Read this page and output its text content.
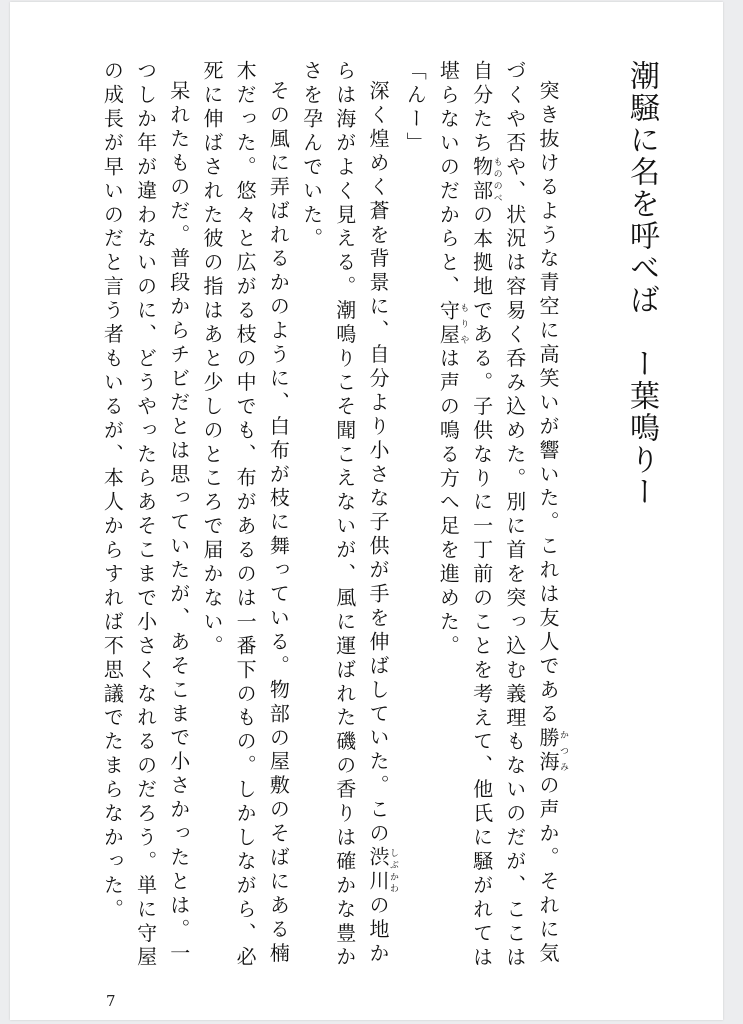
潮騒に名を呼べば　ー葉鳴りー

突き抜けるような青空に高笑いが響いた。これは友人である勝海かつみの声か。それに気づくや否や、状況は容易く呑み込めた。別に首を突っ込む義理もないのだが、ここは自分たち物部もののべの本拠地である。子供なりに一丁前のことを考えて、他氏に騒がれては堪らないのだからと、守屋もりやは声の鳴る方へ足を進めた。

「んー」

深く煌めく蒼を背景に、自分より小さな子供が手を伸ばしていた。この渋川しぶかわの地からは海がよく見える。潮鳴りこそ聞こえないが、風に運ばれた磯の香りは確かな豊かさを孕んでいた。

その風に弄ばれるかのように、白布が枝に舞っている。物部の屋敷のそばにある楠木だった。悠々と広がる枝の中でも、布があるのは一番下のもの。しかしながら、必死に伸ばされた彼の指はあと少しのところで届かない。

呆れたものだ。普段からチビだとは思っていたが、あそこまで小さかったとは。一つしか年が違わないのに、どうやったらあそこまで小さくなれるのだろう。単に守屋の成長が早いのだと言う者もいるが、本人からすれば不思議でたまらなかった。

7
